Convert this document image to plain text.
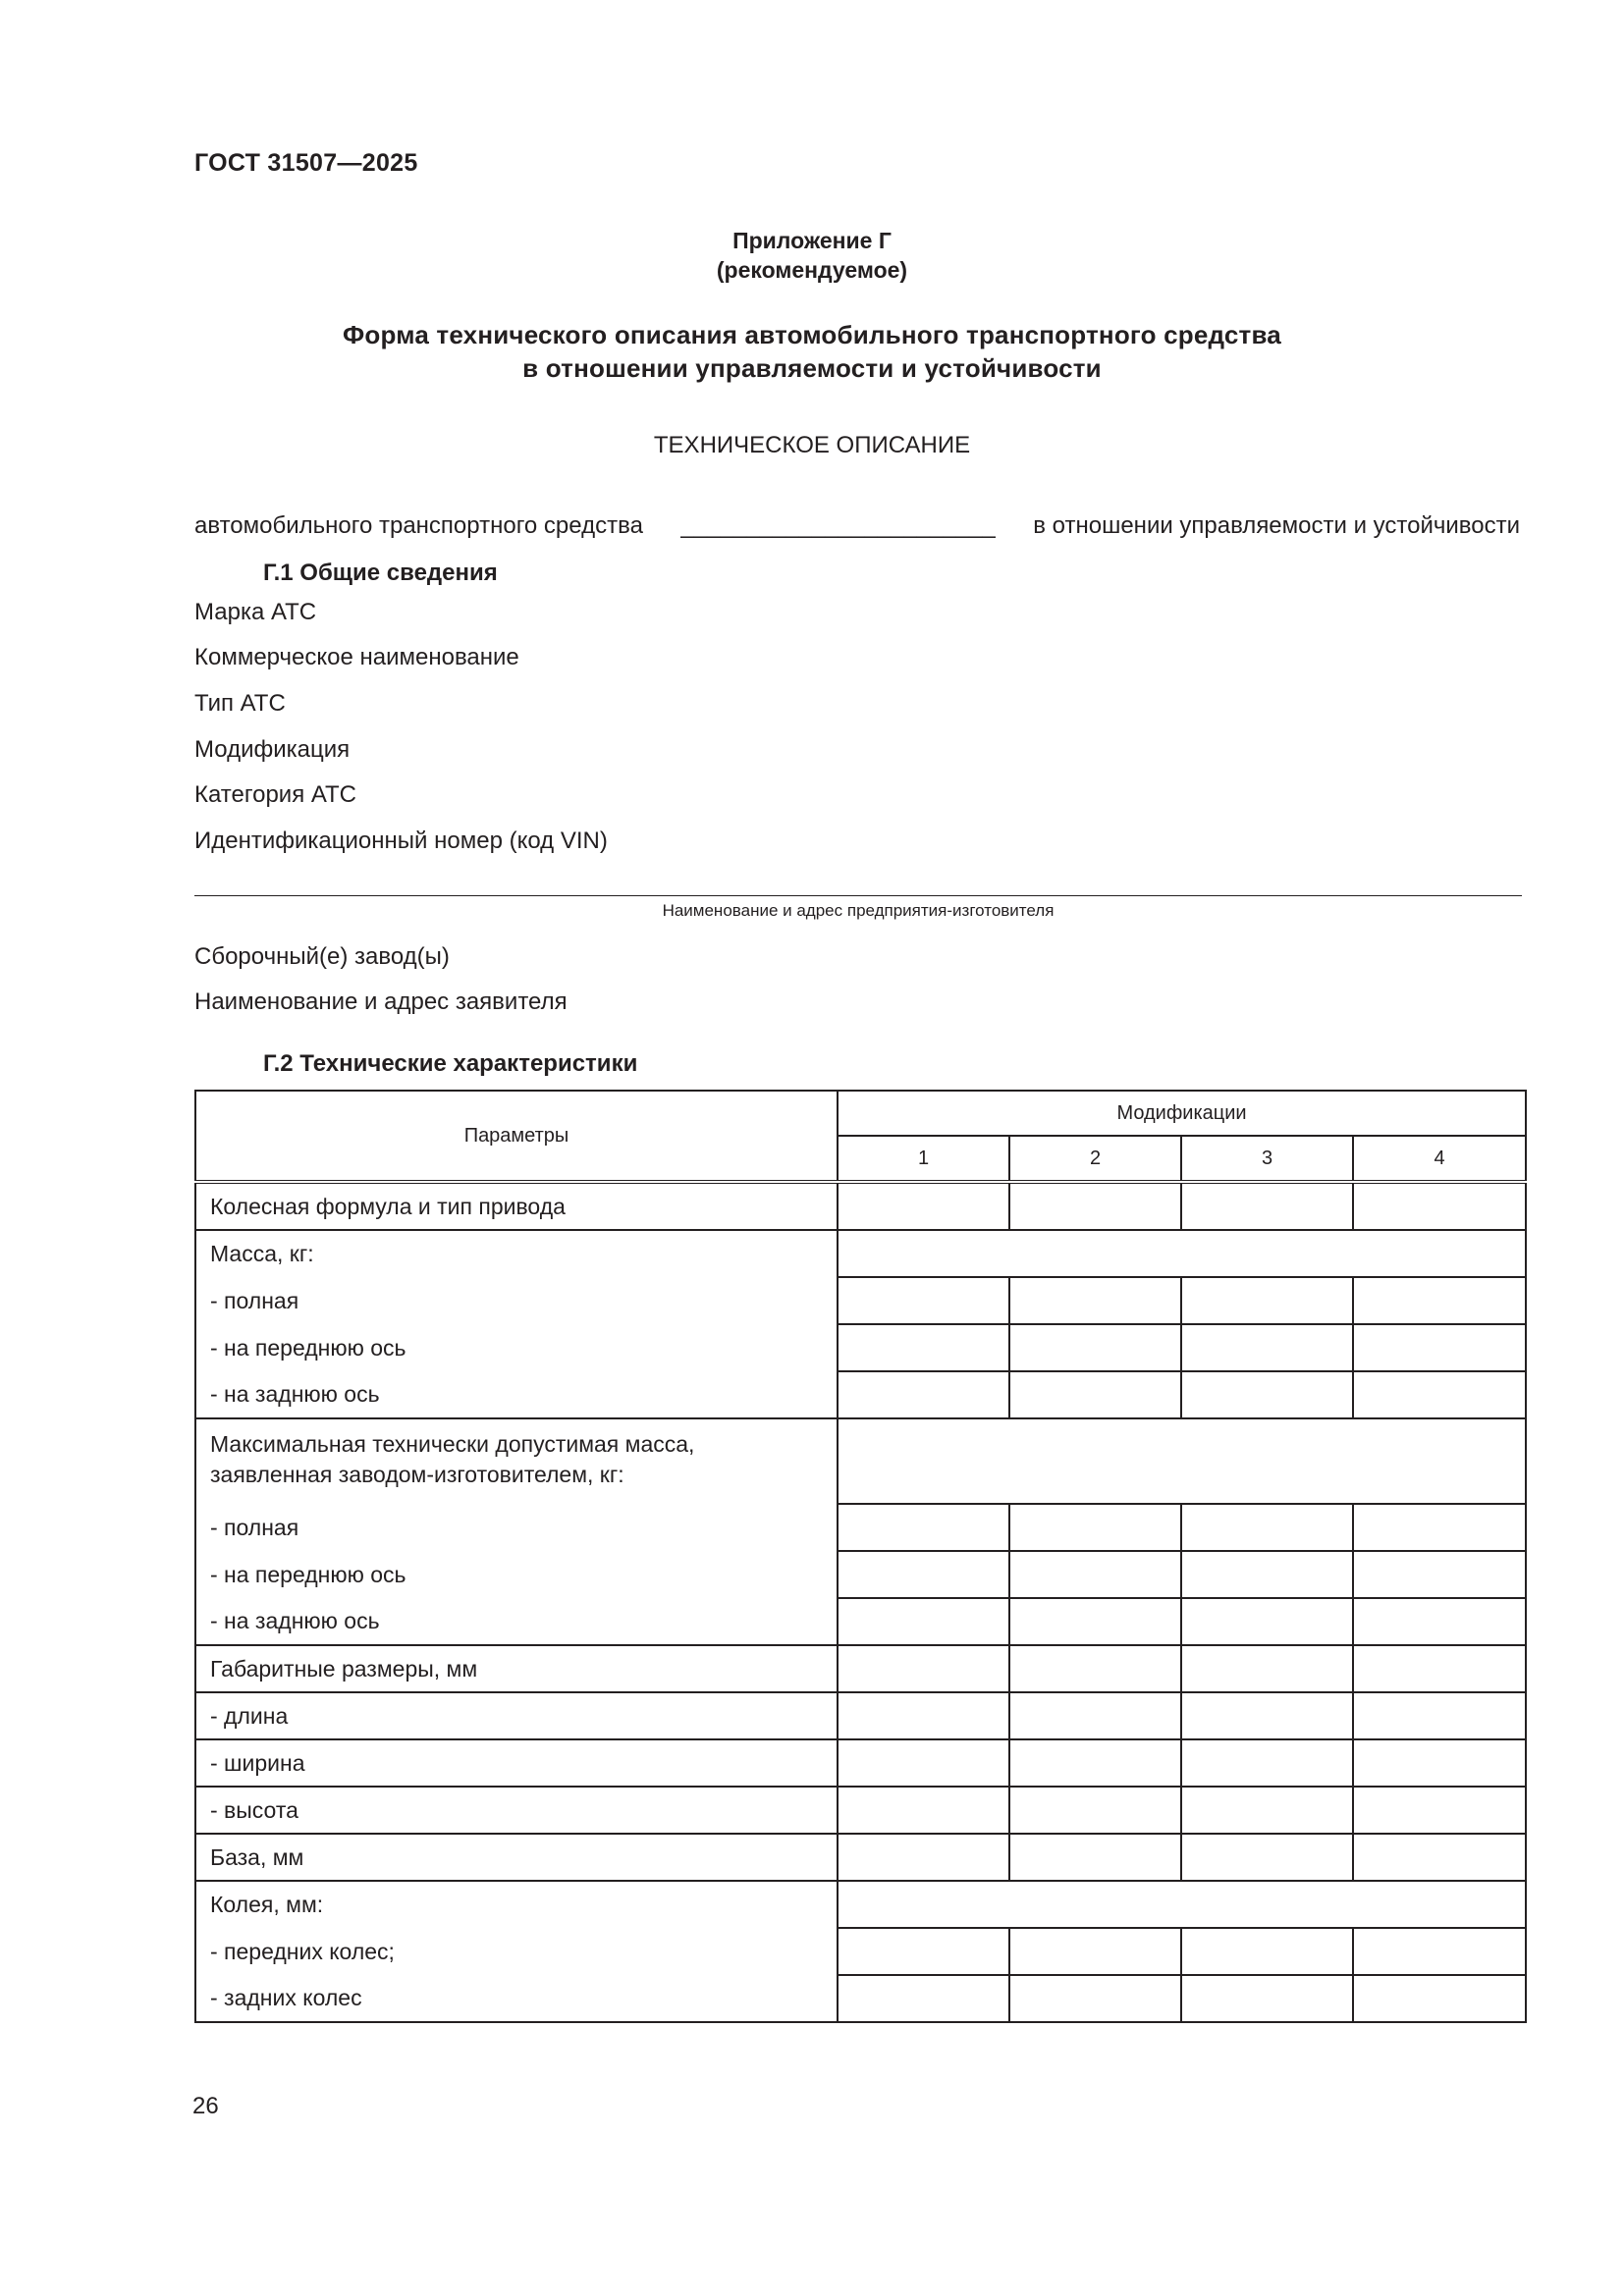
ГОСТ 31507—2025
Приложение Г
(рекомендуемое)
Форма технического описания автомобильного транспортного средства
в отношении управляемости и устойчивости
ТЕХНИЧЕСКОЕ ОПИСАНИЕ
автомобильного транспортного средства ________________________ в отношении управляемости и устойчивости
Г.1 Общие сведения
Марка АТС
Коммерческое наименование
Тип АТС
Модификация
Категория АТС
Идентификационный номер (код VIN)
Наименование и адрес предприятия-изготовителя
Сборочный(е) завод(ы)
Наименование и адрес заявителя
Г.2 Технические характеристики
Параметры	Модификации			
	1	2	3	4
Колесная формула и тип привода				
Масса, кг:				
- полная				
- на переднюю ось				
- на заднюю ось				
Максимальная технически допустимая масса, заявленная заводом-изготовителем, кг:				
- полная				
- на переднюю ось				
- на заднюю ось				
Габаритные размеры, мм				
- длина				
- ширина				
- высота				
База, мм				
Колея, мм:				
- передних колес;				
- задних колес				
26
